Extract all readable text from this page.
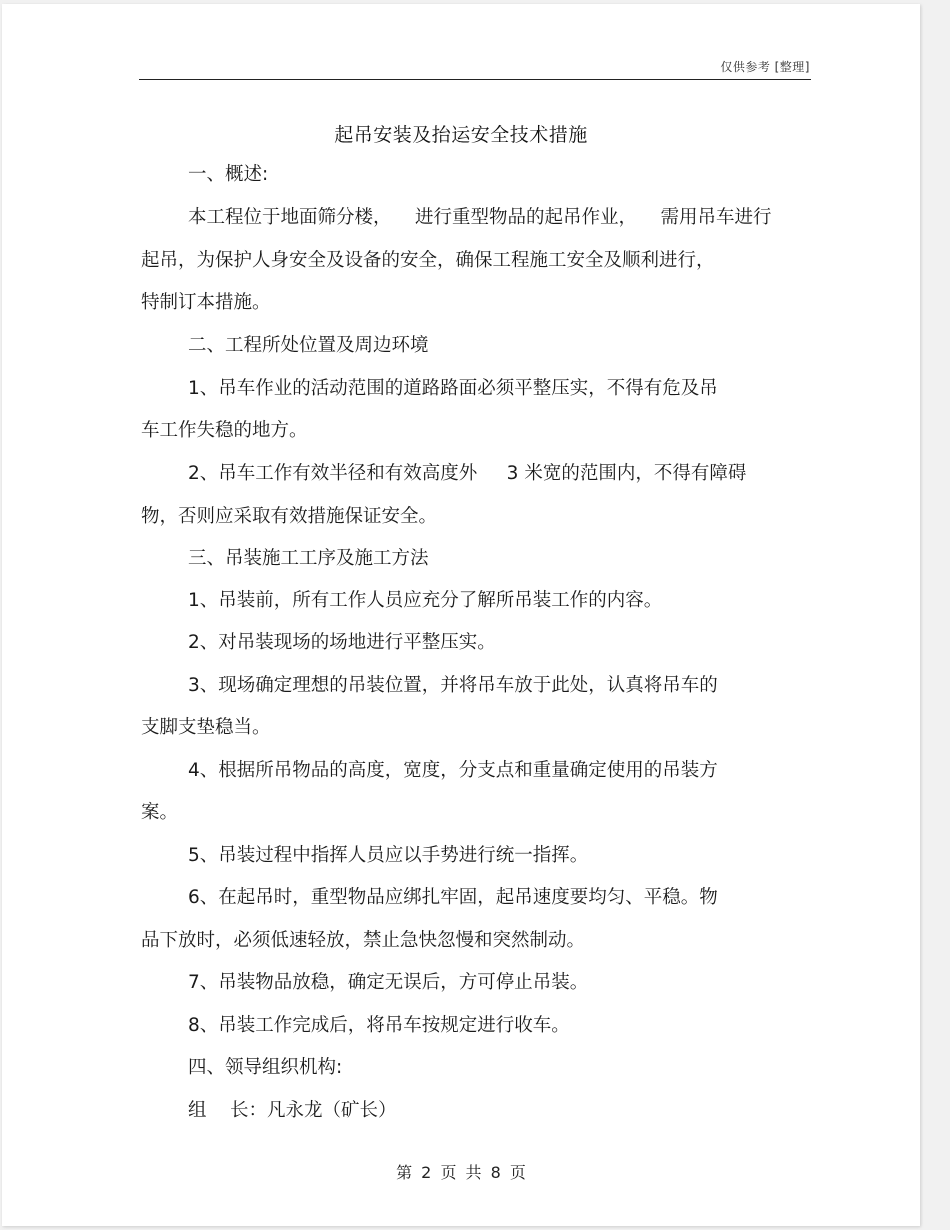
仅供参考 [整理]
起吊安装及抬运安全技术措施
一、概述:
本工程位于地面筛分楼，    进行重型物品的起吊作业，    需用吊车进行
起吊，为保护人身安全及设备的安全，确保工程施工安全及顺利进行，
特制订本措施。
二、工程所处位置及周边环境
1、吊车作业的活动范围的道路路面必须平整压实，不得有危及吊
车工作失稳的地方。
2、吊车工作有效半径和有效高度外     3 米宽的范围内，不得有障碍
物，否则应采取有效措施保证安全。
三、吊装施工工序及施工方法
1、吊装前，所有工作人员应充分了解所吊装工作的内容。
2、对吊装现场的场地进行平整压实。
3、现场确定理想的吊装位置，并将吊车放于此处，认真将吊车的
支脚支垫稳当。
4、根据所吊物品的高度，宽度，分支点和重量确定使用的吊装方
案。
5、吊装过程中指挥人员应以手势进行统一指挥。
6、在起吊时，重型物品应绑扎牢固，起吊速度要均匀、平稳。物
品下放时，必须低速轻放，禁止急快忽慢和突然制动。
7、吊装物品放稳，确定无误后，方可停止吊装。
8、吊装工作完成后，将吊车按规定进行收车。
四、领导组织机构:
组    长：凡永龙（矿长）
第 2 页 共 8 页
